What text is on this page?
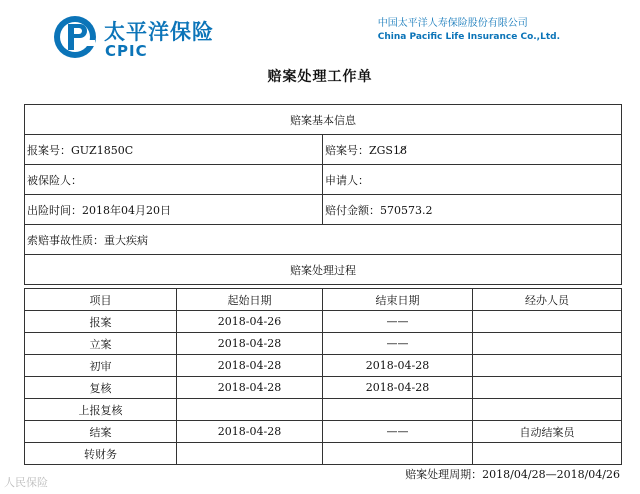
太平洋保险
CPIC
中国太平洋人寿保险股份有限公司
China Pacific Life Insurance Co.,Ltd.
赔案处理工作单
赔案基本信息	
报案号：GUZ1850C	赔案号：ZGS18̸
被保险人：	申请人：
出险时间：2018年04月20日	赔付金额：570573.2
索赔事故性质：重大疾病	
赔案处理过程	
项目	起始日期	结束日期	经办人员
报案	2018-04-26	——	
立案	2018-04-28	——	
初审	2018-04-28	2018-04-28	
复核	2018-04-28	2018-04-28	
上报复核			
结案	2018-04-28	——	自动结案员
转财务			
赔案处理周期：2018/04/28—2018/04/26
人民保险
